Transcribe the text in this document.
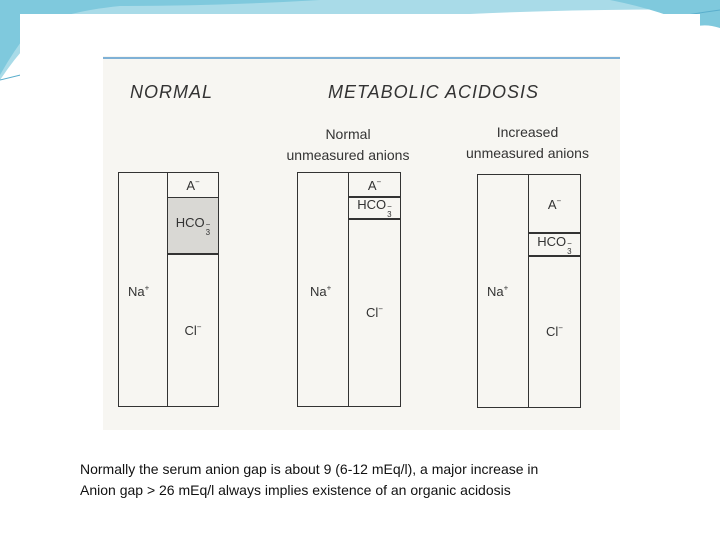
NORMAL	METABOLIC ACIDOSIS
Normal
unmeasured anions
Increased
unmeasured anions
A−
HCO −
3
Cl−
Na+
A−
HCO −
3
Cl−
Na+
A−
HCO −
3
Cl−
Na+
Normally the serum anion gap is about 9 (6-12 mEq/l), a major increase in
Anion gap > 26 mEq/l always implies existence of an organic acidosis
